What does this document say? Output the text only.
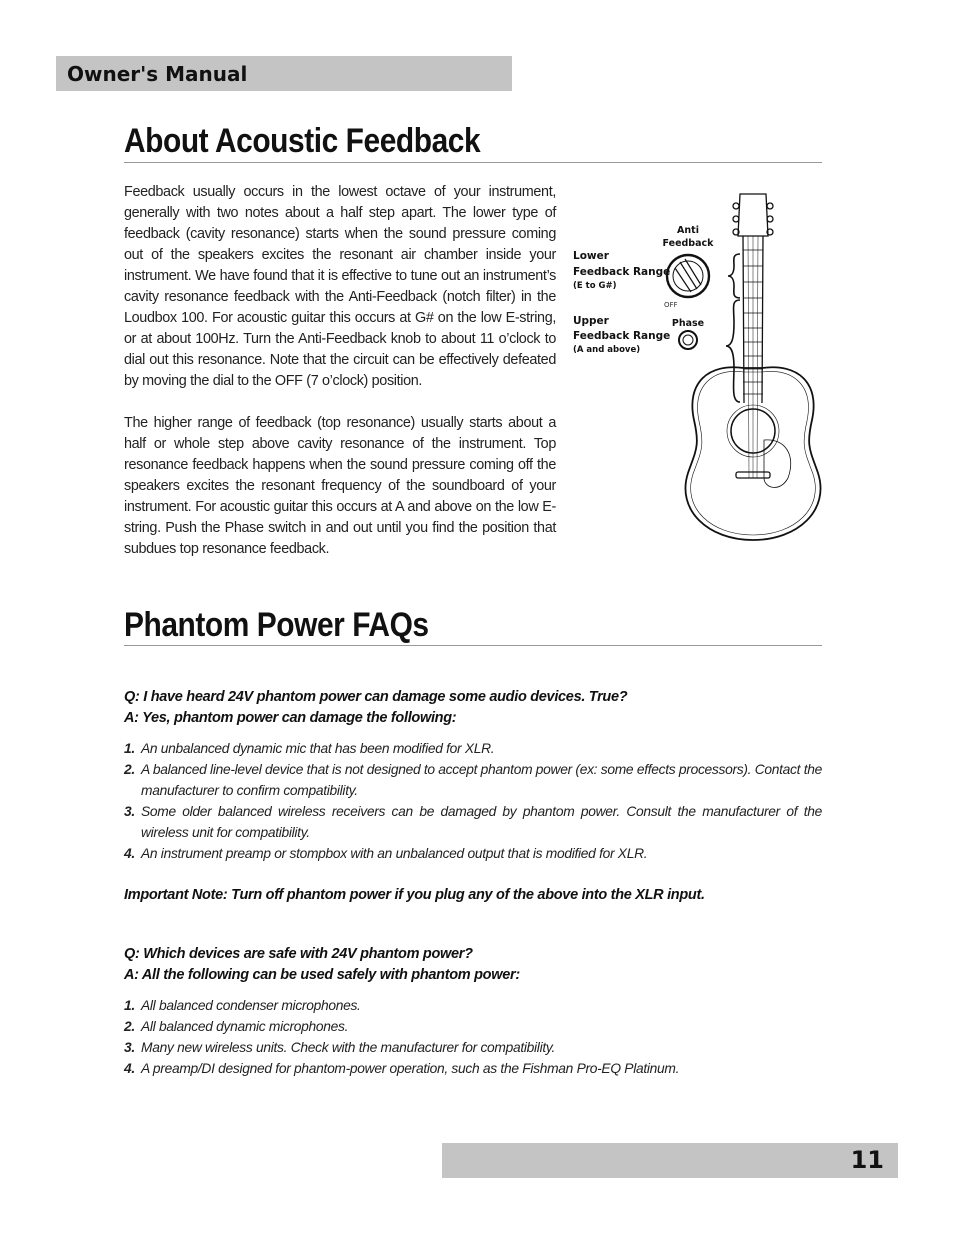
Owner's Manual
About Acoustic Feedback

Feedback usually occurs in the lowest octave of your instrument, generally with two notes about a half step apart. The lower type of feedback (cavity resonance) starts when the sound pressure coming out of the speakers excites the resonant air chamber inside your instrument. We have found that it is effective to tune out an instrument’s cavity resonance feedback with the Anti-Feedback (notch filter) in the Loudbox 100. For acoustic guitar this occurs at G# on the low E-string, or at about 100Hz. Turn the Anti-Feedback knob to about 11 o’clock to dial out this resonance. Note that the circuit can be effectively defeated by moving the dial to the OFF (7 o’clock) position.

The higher range of feedback (top resonance) usually starts about a half or whole step above cavity resonance of the instrument. Top resonance feedback happens when the sound pressure coming off the speakers excites the resonant frequency of the soundboard of your instrument. For acoustic guitar this occurs at A and above on the low E-string. Push the Phase switch in and out until you find the position that subdues top resonance feedback.

Anti
Feedback
Lower
Feedback Range
(E to G#)
OFF
Upper
Feedback Range
(A and above)
Phase
Phantom Power FAQs

Q: I have heard 24V phantom power can damage some audio devices. True?

A: Yes, phantom power can damage the following:

1. An unbalanced dynamic mic that has been modified for XLR.
2. A balanced line-level device that is not designed to accept phantom power (ex: some effects processors). Contact the manufacturer to confirm compatibility.
3. Some older balanced wireless receivers can be damaged by phantom power. Consult the manufacturer of the wireless unit for compatibility.
4. An instrument preamp or stompbox with an unbalanced output that is modified for XLR.

Important Note: Turn off phantom power if you plug any of the above into the XLR input.

Q: Which devices are safe with 24V phantom power?

A: All the following can be used safely with phantom power:

1. All balanced condenser microphones.
2. All balanced dynamic microphones.
3. Many new wireless units. Check with the manufacturer for compatibility.
4. A preamp/DI designed for phantom-power operation, such as the Fishman Pro-EQ Platinum.
11
